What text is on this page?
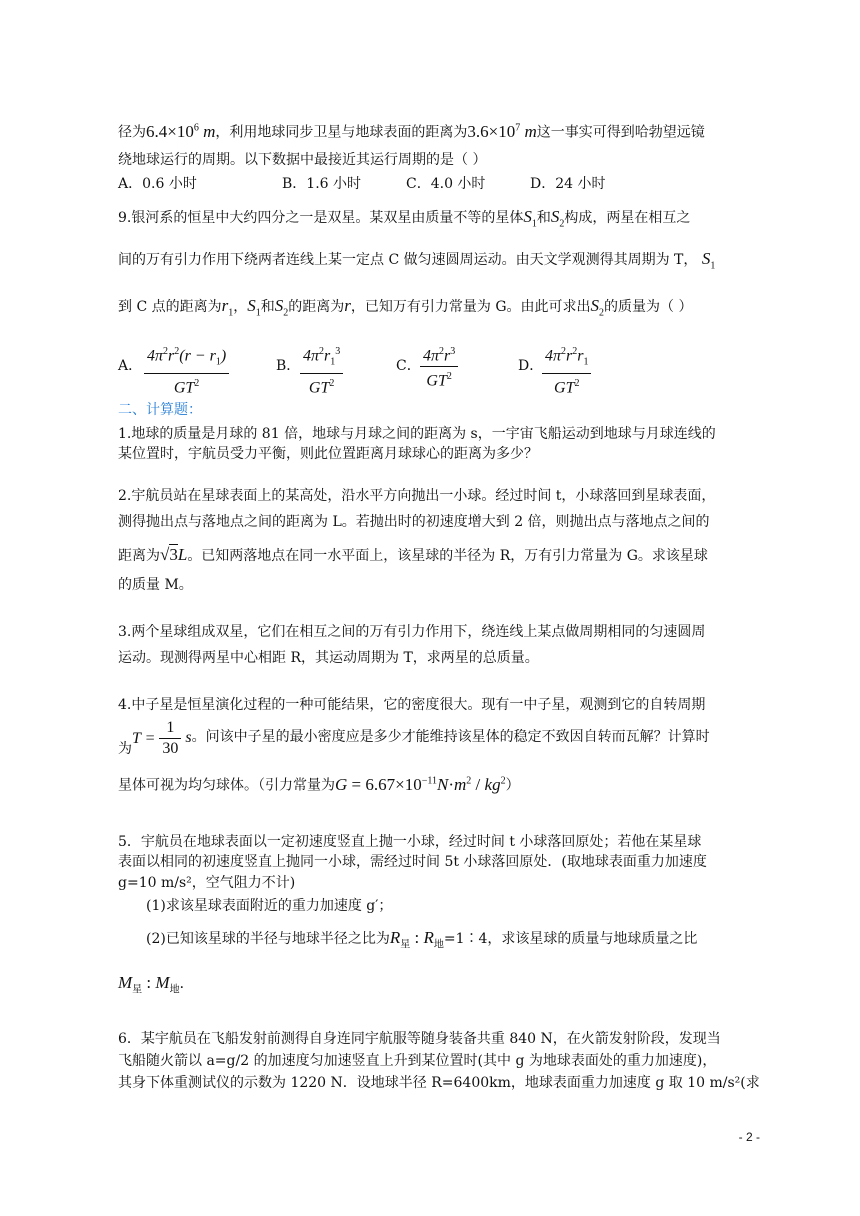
径为$6.4\times 10^6$ m，利用地球同步卫星与地球表面的距离为$3.6\times 10^7$ m这一事实可得到哈勃望远镜
绕地球运行的周期。以下数据中最接近其运行周期的是（ ）
A．0.6 小时	B．1.6 小时	C．4.0 小时	D．24 小时
9.银河系的恒星中大约四分之一是双星。某双星由质量不等的星体$S_1$和$S_2$构成，两星在相互之
间的万有引力作用下绕两者连线上某一定点 C 做匀速圆周运动。由天文学观测得其周期为 T， $S_1$
到 C 点的距离为$r_1$，$S_1$和$S_2$的距离为r，已知万有引力常量为 G。由此可求出$S_2$的质量为（ ）
A． $\frac{4\pi^2r^2(r - r_1)}{GT^2}$	B． $\frac{4\pi^2r_1^3}{GT^2}$	C． $\frac{4\pi^2r^3}{GT^2}$	D．
$\frac{4\pi^2r^2r_1}{GT^2}$
二、计算题：
1.地球的质量是月球的 81 倍，地球与月球之间的距离为 s，一宇宙飞船运动到地球与月球连线的
某位置时，宇航员受力平衡，则此位置距离月球球心的距离为多少？
2.宇航员站在星球表面上的某高处，沿水平方向抛出一小球。经过时间 t，小球落回到星球表面，
测得抛出点与落地点之间的距离为 L。若抛出时的初速度增大到 2 倍，则抛出点与落地点之间的
距离为√3L。已知两落地点在同一水平面上，该星球的半径为 R，万有引力常量为 G。求该星球
的质量 M。
3.两个星球组成双星，它们在相互之间的万有引力作用下，绕连线上某点做周期相同的匀速圆周
运动。现测得两星中心相距 R，其运动周期为 T，求两星的总质量。
4.中子星是恒星演化过程的一种可能结果，它的密度很大。现有一中子星，观测到它的自转周期
为$T = \frac{1}{30}$ s。问该中子星的最小密度应是多少才能维持该星体的稳定不致因自转而瓦解？计算时
星体可视为均匀球体。（引力常量为$G = 6.67\times 10^{-11}N\cdot m^2 / kg^2$）
5．宇航员在地球表面以一定初速度竖直上抛一小球，经过时间 t 小球落回原处；若他在某星球
表面以相同的初速度竖直上抛同一小球，需经过时间 5t 小球落回原处．(取地球表面重力加速度
g=10 m/s²，空气阻力不计)
(1)求该星球表面附近的重力加速度 g′；
(2)已知该星球的半径与地球半径之比为$R_星$ : $R_地=1∶4$，求该星球的质量与地球质量之比
$M_星$ : $M_地$．
6．某宇航员在飞船发射前测得自身连同宇航服等随身装备共重 840 N，在火箭发射阶段，发现当
飞船随火箭以 a=g/2 的加速度匀加速竖直上升到某位置时(其中 g 为地球表面处的重力加速度)，
其身下体重测试仪的示数为 1220 N．设地球半径 R=6400km，地球表面重力加速度 g 取 10 m/s²(求
- 2 -
